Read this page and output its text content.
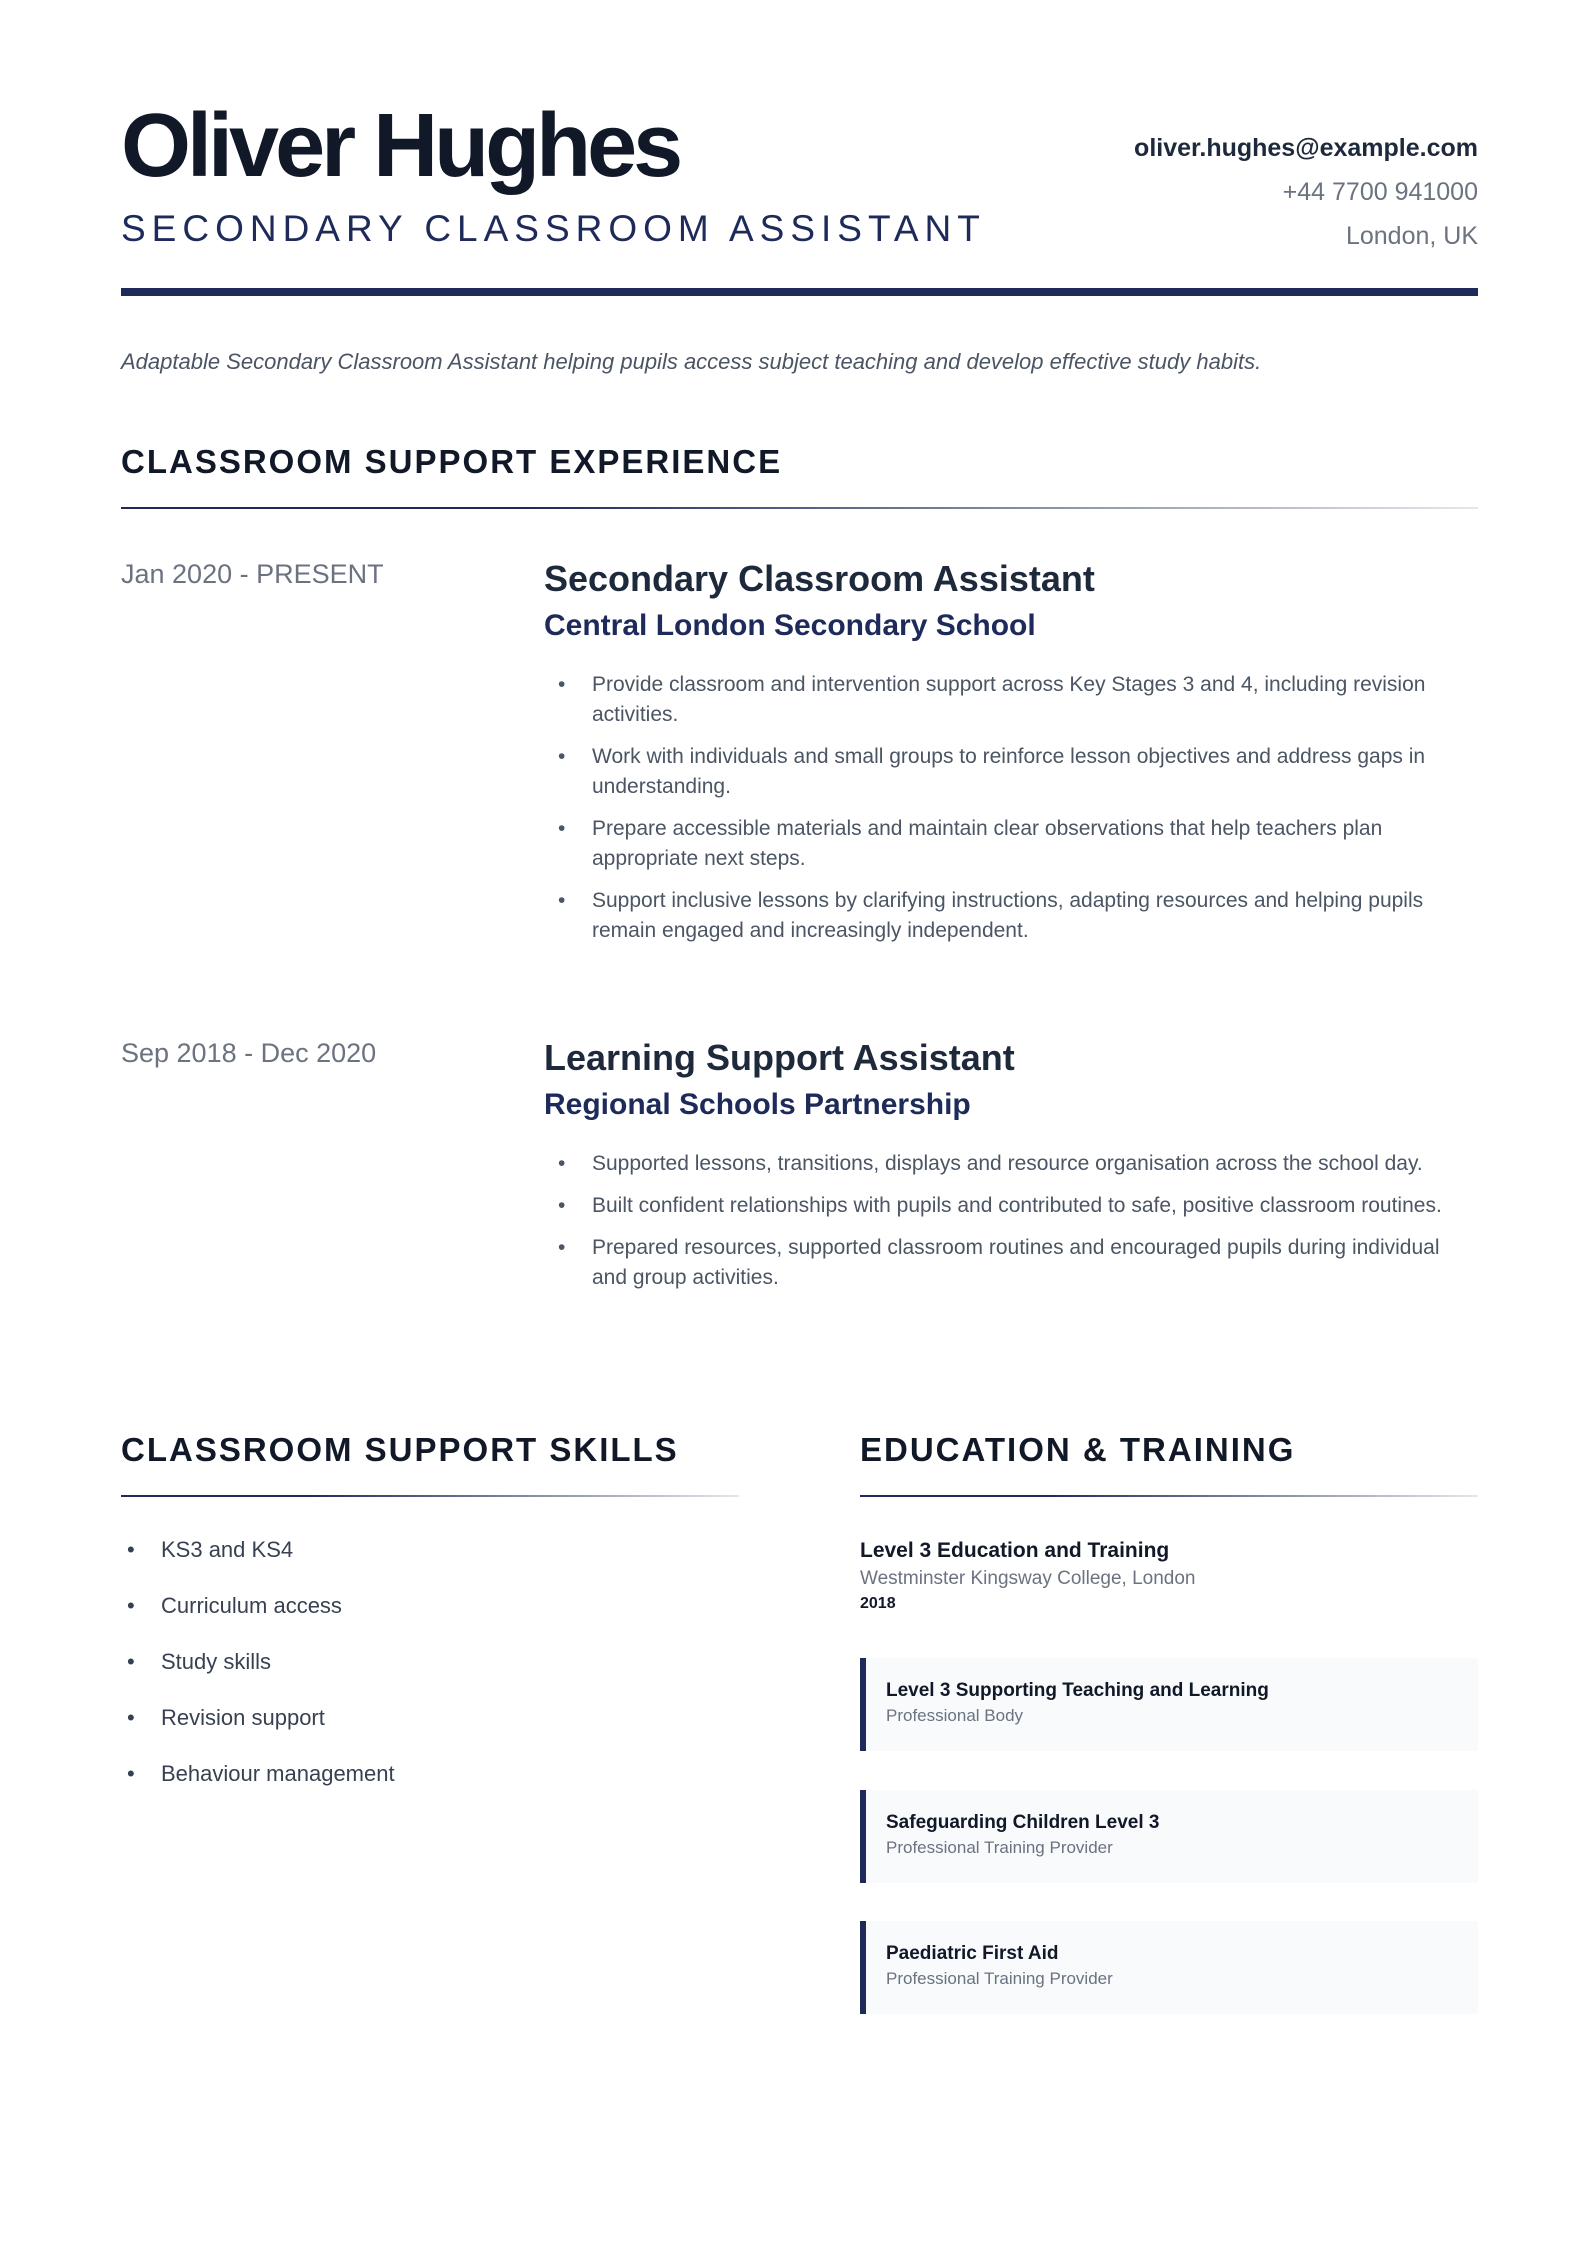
Oliver Hughes
SECONDARY CLASSROOM ASSISTANT
oliver.hughes@example.com
+44 7700 941000
London, UK
Adaptable Secondary Classroom Assistant helping pupils access subject teaching and develop effective study habits.
CLASSROOM SUPPORT EXPERIENCE
Jan 2020 - PRESENT	Secondary Classroom Assistant
Central London Secondary School
• Provide classroom and intervention support across Key Stages 3 and 4, including revision activities.
• Work with individuals and small groups to reinforce lesson objectives and address gaps in understanding.
• Prepare accessible materials and maintain clear observations that help teachers plan appropriate next steps.
• Support inclusive lessons by clarifying instructions, adapting resources and helping pupils remain engaged and increasingly independent.
Sep 2018 - Dec 2020	Learning Support Assistant
Regional Schools Partnership
• Supported lessons, transitions, displays and resource organisation across the school day.
• Built confident relationships with pupils and contributed to safe, positive classroom routines.
• Prepared resources, supported classroom routines and encouraged pupils during individual and group activities.
CLASSROOM SUPPORT SKILLS
• KS3 and KS4
• Curriculum access
• Study skills
• Revision support
• Behaviour management
EDUCATION & TRAINING
Level 3 Education and Training
Westminster Kingsway College, London
2018
Level 3 Supporting Teaching and Learning
Professional Body
Safeguarding Children Level 3
Professional Training Provider
Paediatric First Aid
Professional Training Provider
